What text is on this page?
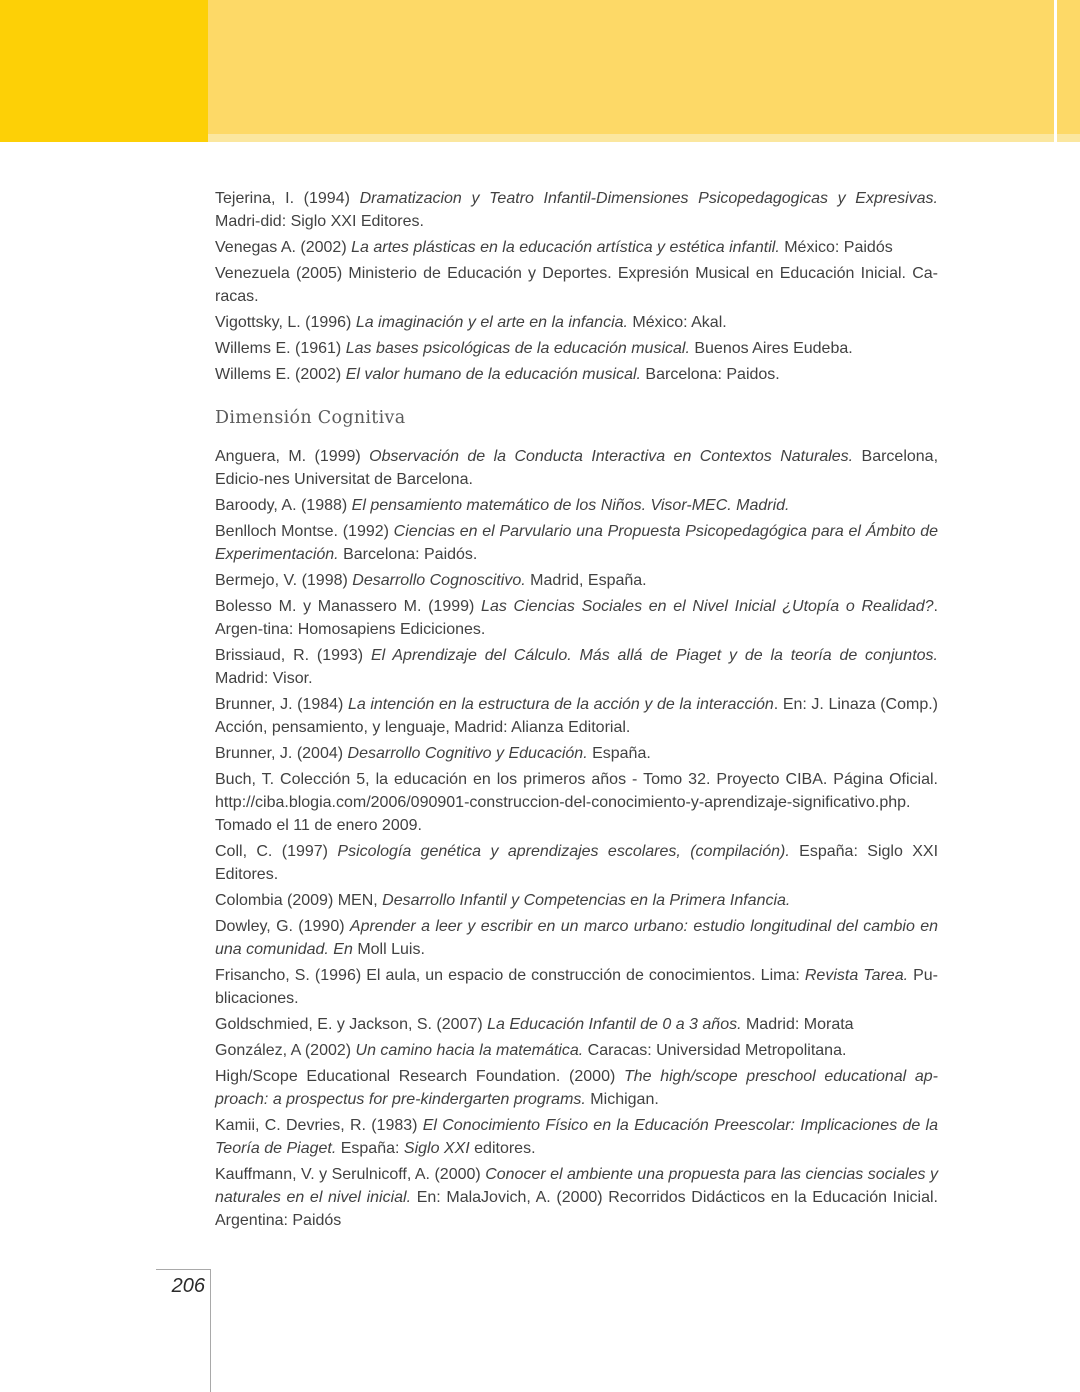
Tejerina, I. (1994) Dramatizacion y Teatro Infantil-Dimensiones Psicopedagogicas y Expresivas. Madri-did: Siglo XXI Editores.

Venegas A. (2002) La artes plásticas en la educación artística y estética infantil. México: Paidós

Venezuela (2005) Ministerio de Educación y Deportes. Expresión Musical en Educación Inicial. Ca-racas.

Vigottsky, L. (1996) La imaginación y el arte en la infancia. México: Akal.

Willems E. (1961) Las bases psicológicas de la educación musical. Buenos Aires Eudeba.

Willems E. (2002) El valor humano de la educación musical. Barcelona: Paidos.

Dimensión Cognitiva

Anguera, M. (1999) Observación de la Conducta Interactiva en Contextos Naturales. Barcelona, Edicio-nes Universitat de Barcelona.

Baroody, A. (1988) El pensamiento matemático de los Niños. Visor-MEC. Madrid.

Benlloch Montse. (1992) Ciencias en el Parvulario una Propuesta Psicopedagógica para el Ámbito de Experimentación. Barcelona: Paidós.

Bermejo, V. (1998) Desarrollo Cognoscitivo. Madrid, España.

Bolesso M. y Manassero M. (1999) Las Ciencias Sociales en el Nivel Inicial ¿Utopía o Realidad?. Argen-tina: Homosapiens Ediciciones.

Brissiaud, R. (1993) El Aprendizaje del Cálculo. Más allá de Piaget y de la teoría de conjuntos. Madrid: Visor.

Brunner, J. (1984) La intención en la estructura de la acción y de la interacción. En: J. Linaza (Comp.) Acción, pensamiento, y lenguaje, Madrid: Alianza Editorial.

Brunner, J. (2004) Desarrollo Cognitivo y Educación. España.

Buch, T. Colección 5, la educación en los primeros años - Tomo 32. Proyecto CIBA. Página Oficial. http://ciba.blogia.com/2006/090901-construccion-del-conocimiento-y-aprendizaje-significativo.php. Tomado el 11 de enero 2009.

Coll, C. (1997) Psicología genética y aprendizajes escolares, (compilación). España: Siglo XXI Editores.

Colombia (2009) MEN, Desarrollo Infantil y Competencias en la Primera Infancia.

Dowley, G. (1990) Aprender a leer y escribir en un marco urbano: estudio longitudinal del cambio en una comunidad. En Moll Luis.

Frisancho, S. (1996) El aula, un espacio de construcción de conocimientos. Lima: Revista Tarea. Pu-blicaciones.

Goldschmied, E. y Jackson, S. (2007) La Educación Infantil de 0 a 3 años. Madrid: Morata

González, A (2002) Un camino hacia la matemática. Caracas: Universidad Metropolitana.

High/Scope Educational Research Foundation. (2000) The high/scope preschool educational ap-proach: a prospectus for pre-kindergarten programs. Michigan.

Kamii, C. Devries, R. (1983) El Conocimiento Físico en la Educación Preescolar: Implicaciones de la Teoría de Piaget. España: Siglo XXI editores.

Kauffmann, V. y Serulnicoff, A. (2000) Conocer el ambiente una propuesta para las ciencias sociales y naturales en el nivel inicial. En: MalaJovich, A. (2000) Recorridos Didácticos en la Educación Inicial. Argentina: Paidós

206
